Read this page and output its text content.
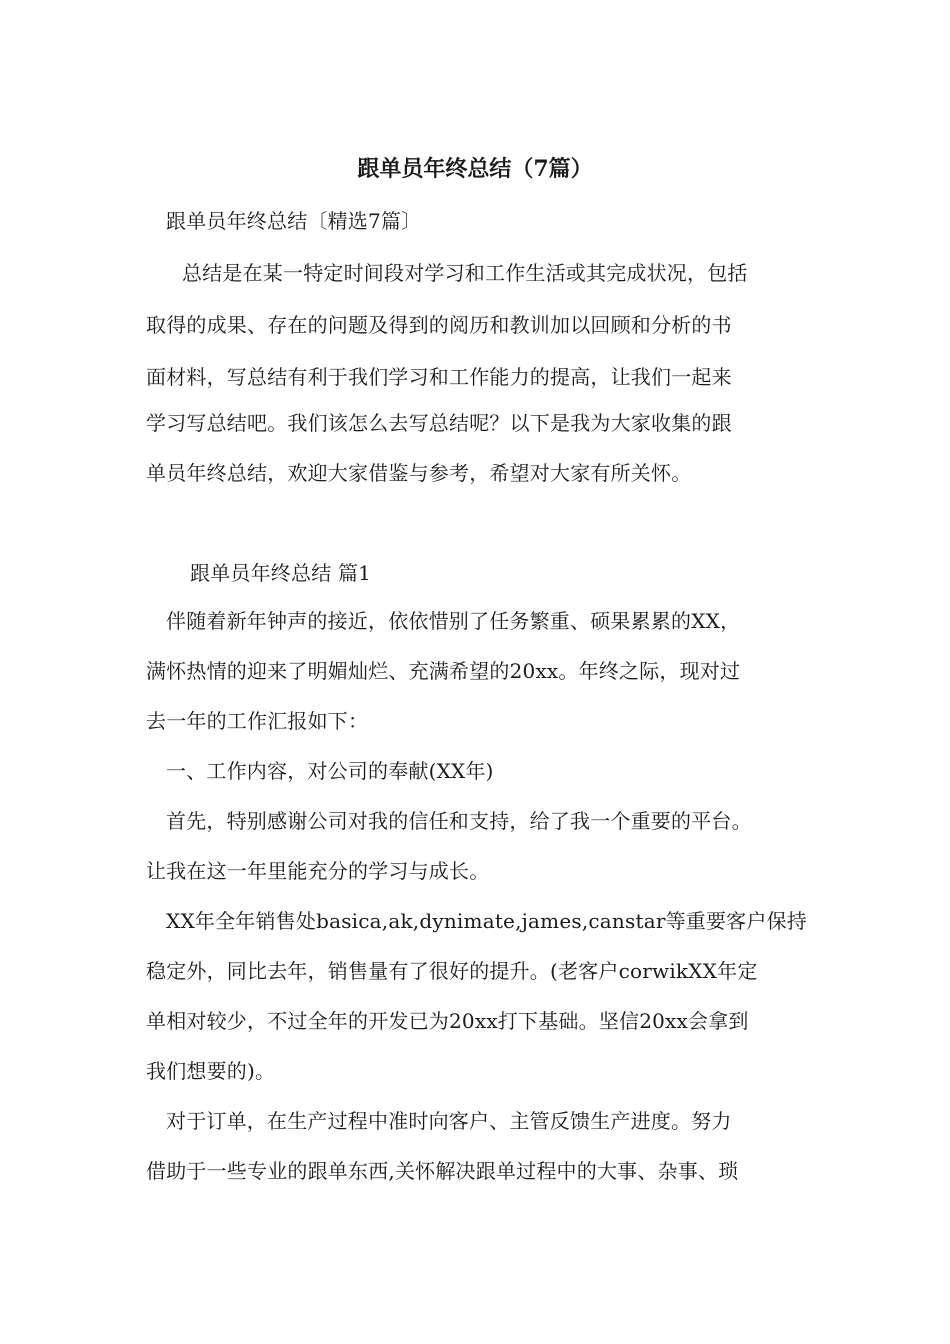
跟单员年终总结（7篇）
跟单员年终总结〔精选7篇〕
总结是在某一特定时间段对学习和工作生活或其完成状况，包括
取得的成果、存在的问题及得到的阅历和教训加以回顾和分析的书
面材料，写总结有利于我们学习和工作能力的提高，让我们一起来
学习写总结吧。我们该怎么去写总结呢？以下是我为大家收集的跟
单员年终总结，欢迎大家借鉴与参考，希望对大家有所关怀。
跟单员年终总结 篇1
伴随着新年钟声的接近，依依惜别了任务繁重、硕果累累的XX，
满怀热情的迎来了明媚灿烂、充满希望的20xx。年终之际，现对过
去一年的工作汇报如下：
一、工作内容，对公司的奉献(XX年)
首先，特别感谢公司对我的信任和支持，给了我一个重要的平台。
让我在这一年里能充分的学习与成长。
XX年全年销售处basica,ak,dynimate,james,canstar等重要客户保持
稳定外，同比去年，销售量有了很好的提升。(老客户corwikXX年定
单相对较少，不过全年的开发已为20xx打下基础。坚信20xx会拿到
我们想要的)。
对于订单，在生产过程中准时向客户、主管反馈生产进度。努力
借助于一些专业的跟单东西,关怀解决跟单过程中的大事、杂事、琐
